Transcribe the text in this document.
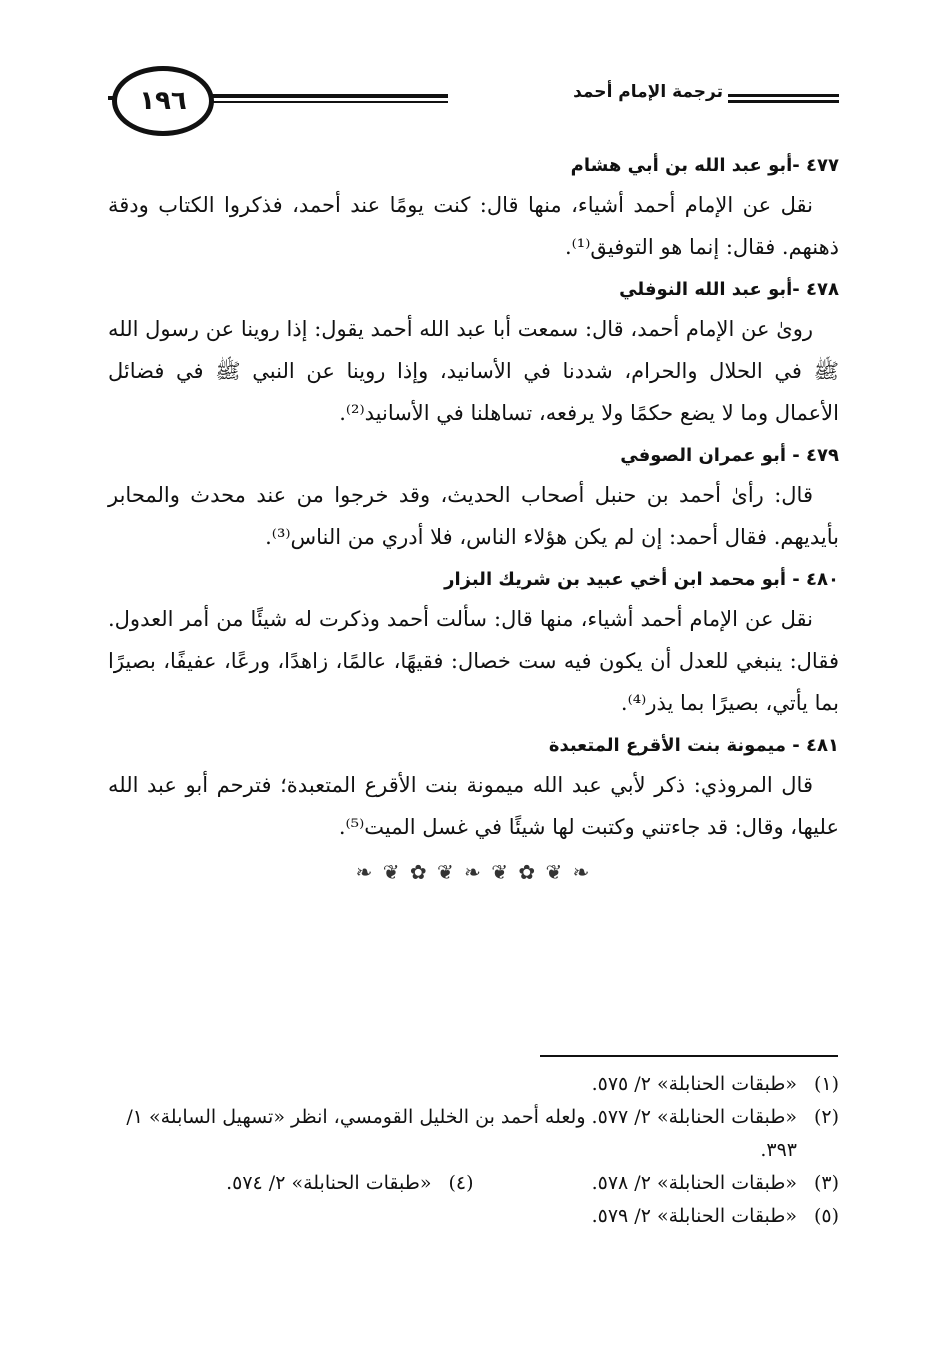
١٩٦	ترجمة الإمام أحمد
٤٧٧ -أبو عبد الله بن أبي هشام

نقل عن الإمام أحمد أشياء، منها قال: كنت يومًا عند أحمد، فذكروا الكتاب ودقة ذهنهم. فقال: إنما هو التوفيق⁽¹⁾.

٤٧٨ -أبو عبد الله النوفلي

روىٰ عن الإمام أحمد، قال: سمعت أبا عبد الله أحمد يقول: إذا روينا عن رسول الله ﷺ في الحلال والحرام، شددنا في الأسانيد، وإذا روينا عن النبي ﷺ في فضائل الأعمال وما لا يضع حكمًا ولا يرفعه، تساهلنا في الأسانيد⁽²⁾.

٤٧٩ - أبو عمران الصوفي

قال: رأىٰ أحمد بن حنبل أصحاب الحديث، وقد خرجوا من عند محدث والمحابر بأيديهم. فقال أحمد: إن لم يكن هؤلاء الناس، فلا أدري من الناس⁽³⁾.

٤٨٠ - أبو محمد ابن أخي عبيد بن شريك البزار

نقل عن الإمام أحمد أشياء، منها قال: سألت أحمد وذكرت له شيئًا من أمر العدول. فقال: ينبغي للعدل أن يكون فيه ست خصال: فقيهًا، عالمًا، زاهدًا، ورعًا، عفيفًا، بصيرًا بما يأتي، بصيرًا بما يذر⁽⁴⁾.

٤٨١ - ميمونة بنت الأقرع المتعبدة

قال المروذي: ذكر لأبي عبد الله ميمونة بنت الأقرع المتعبدة؛ فترحم أبو عبد الله عليها، وقال: قد جاءتني وكتبت لها شيئًا في غسل الميت⁽⁵⁾.

❧ ❦ ✿ ❦ ❧ ❦ ✿ ❦ ❧
(١)
«طبقات الحنابلة» ٢/ ٥٧٥.
(٢)
«طبقات الحنابلة» ٢/ ٥٧٧. ولعله أحمد بن الخليل القومسي، انظر «تسهيل السابلة» ١/ ٣٩٣.
(٣)
«طبقات الحنابلة» ٢/ ٥٧٨.
(٤)
«طبقات الحنابلة» ٢/ ٥٧٤.
(٥)
«طبقات الحنابلة» ٢/ ٥٧٩.
